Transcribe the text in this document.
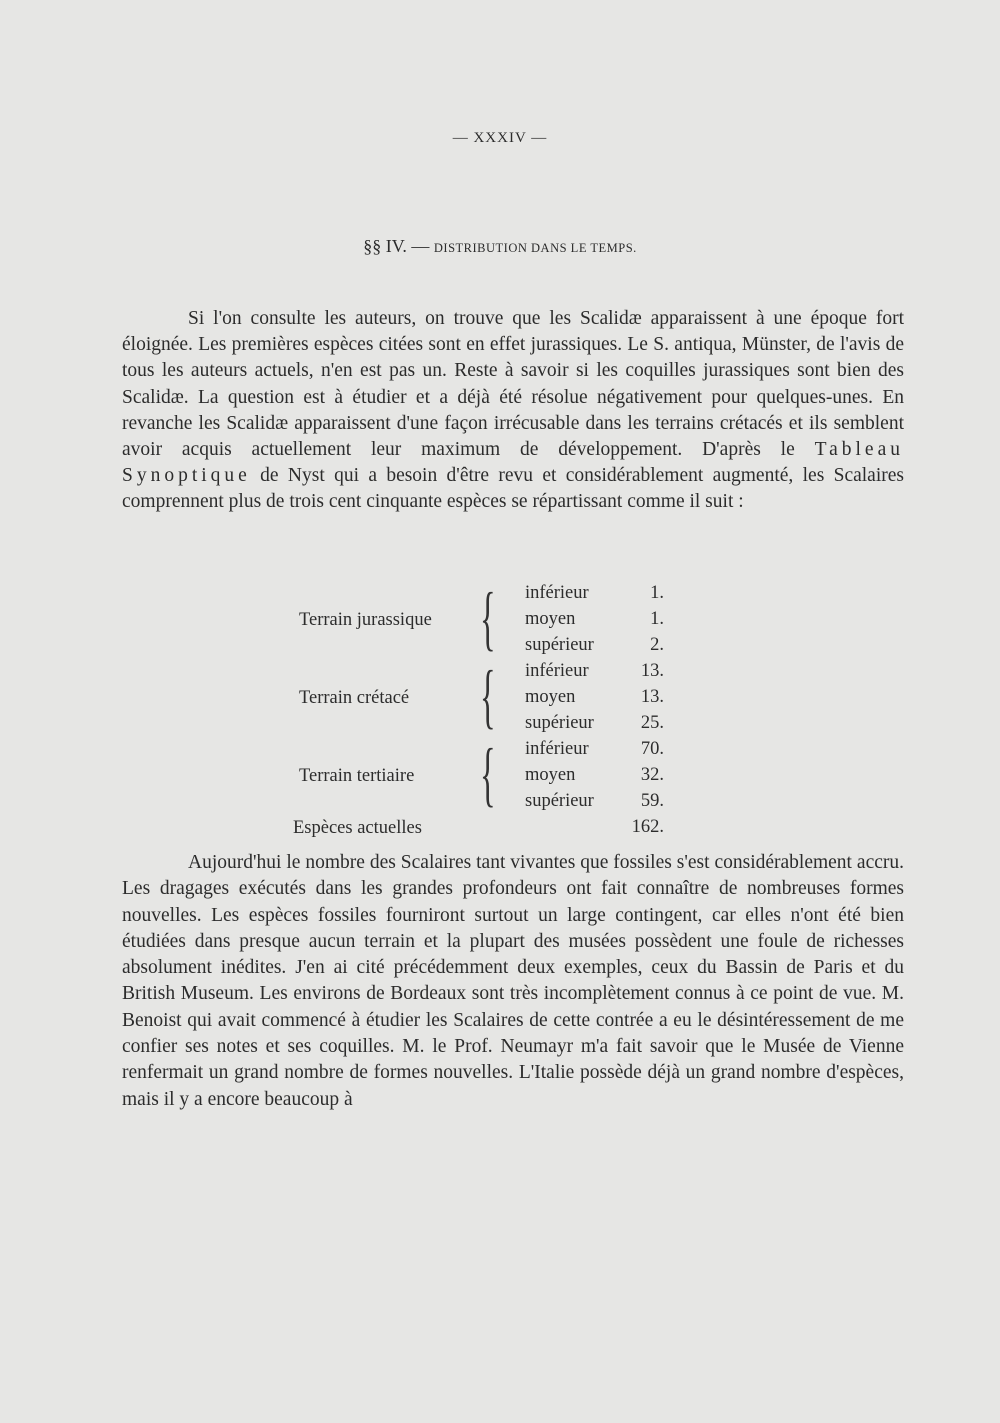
— XXXIV —
§§ IV. — DISTRIBUTION DANS LE TEMPS.
Si l'on consulte les auteurs, on trouve que les Scalidæ apparaissent à une époque fort éloignée. Les premières espèces citées sont en effet jurassiques. Le S. antiqua, Münster, de l'avis de tous les auteurs actuels, n'en est pas un. Reste à savoir si les coquilles jurassiques sont bien des Scalidæ. La question est à étudier et a déjà été résolue négativement pour quelques-unes. En revanche les Scalidæ apparaissent d'une façon irrécusable dans les terrains crétacés et ils semblent avoir acquis actuellement leur maximum de développement. D'après le Tableau Synoptique de Nyst qui a besoin d'être revu et considérablement augmenté, les Scalaires comprennent plus de trois cent cinquante espèces se répartissant comme il suit :
Terrain jurassique { inférieur	1.
moyen	1.
supérieur	2.
Terrain crétacé { inférieur	13.
moyen	13.
supérieur	25.
Terrain tertiaire { inférieur	70.
moyen	32.
supérieur	59.
Espèces actuelles	162.
Aujourd'hui le nombre des Scalaires tant vivantes que fossiles s'est considérablement accru. Les dragages exécutés dans les grandes profondeurs ont fait connaître de nombreuses formes nouvelles. Les espèces fossiles fourniront surtout un large contingent, car elles n'ont été bien étudiées dans presque aucun terrain et la plupart des musées possèdent une foule de richesses absolument inédites. J'en ai cité précédemment deux exemples, ceux du Bassin de Paris et du British Museum. Les environs de Bordeaux sont très incomplètement connus à ce point de vue. M. Benoist qui avait commencé à étudier les Scalaires de cette contrée a eu le désintéressement de me confier ses notes et ses coquilles. M. le Prof. Neumayr m'a fait savoir que le Musée de Vienne renfermait un grand nombre de formes nouvelles. L'Italie possède déjà un grand nombre d'espèces, mais il y a encore beaucoup à
